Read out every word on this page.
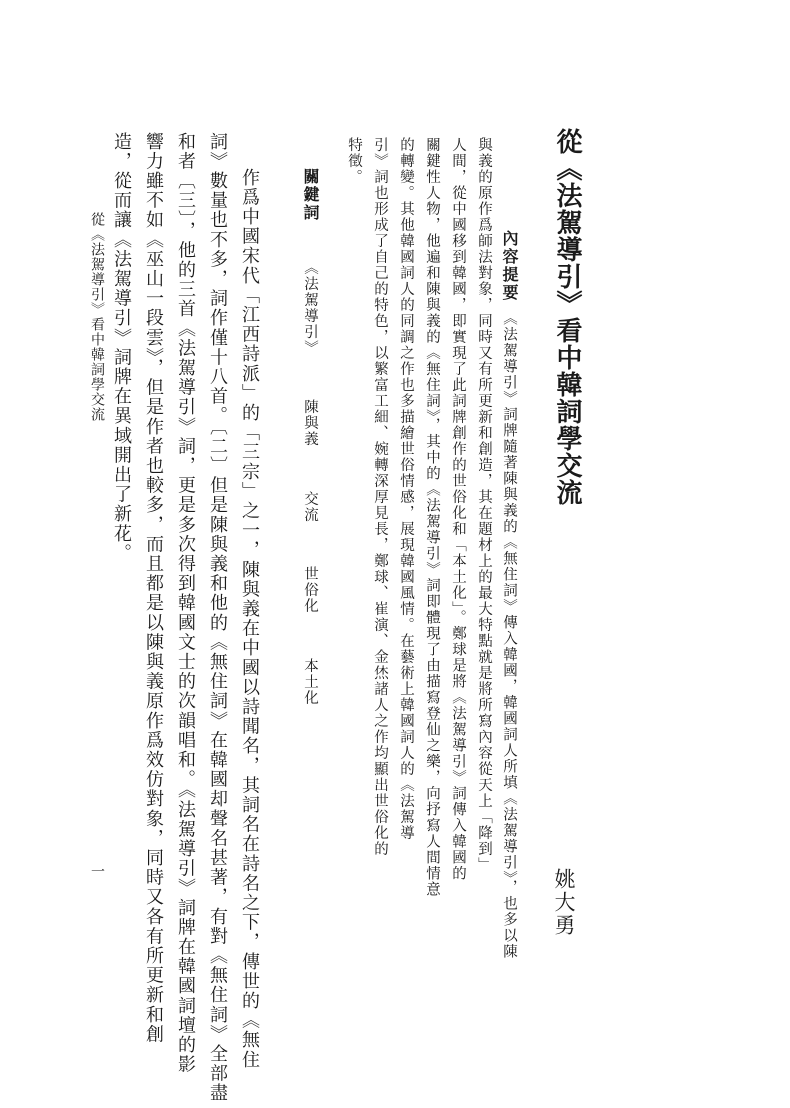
從《法駕導引》看中韓詞學交流
姚大勇
內容提要　《法駕導引》詞牌隨著陳與義的《無住詞》傳入韓國，韓國詞人所填《法駕導引》，也多以陳
與義的原作爲師法對象，同時又有所更新和創造，其在題材上的最大特點就是將所寫內容從天上「降到」
人間，從中國移到韓國，即實現了此詞牌創作的世俗化和「本土化」。鄭球是將《法駕導引》詞傳入韓國的
關鍵性人物，他遍和陳與義的《無住詞》，其中的《法駕導引》詞即體現了由描寫登仙之樂，向抒寫人間情意
的轉變。其他韓國詞人的同調之作也多描繪世俗情感，展現韓國風情。在藝術上韓國詞人的《法駕導
引》詞也形成了自己的特色，以繁富工細、婉轉深厚見長，鄭球、崔演、金烋諸人之作均顯出世俗化的
特徵。
關鍵詞 《法駕導引》 陳與義 交流 世俗化 本土化
作爲中國宋代「江西詩派」的「三宗」之一，陳與義在中國以詩聞名，其詞名在詩名之下，傳世的《無住
詞》數量也不多，詞作僅十八首。〔二〕但是陳與義和他的《無住詞》在韓國却聲名甚著，有對《無住詞》全部盡
和者〔三〕，他的三首《法駕導引》詞，更是多次得到韓國文士的次韻唱和。《法駕導引》詞牌在韓國詞壇的影
響力雖不如《巫山一段雲》，但是作者也較多，而且都是以陳與義原作爲效仿對象，同時又各有所更新和創
造，從而讓《法駕導引》詞牌在異域開出了新花。
從《法駕導引》看中韓詞學交流
一
